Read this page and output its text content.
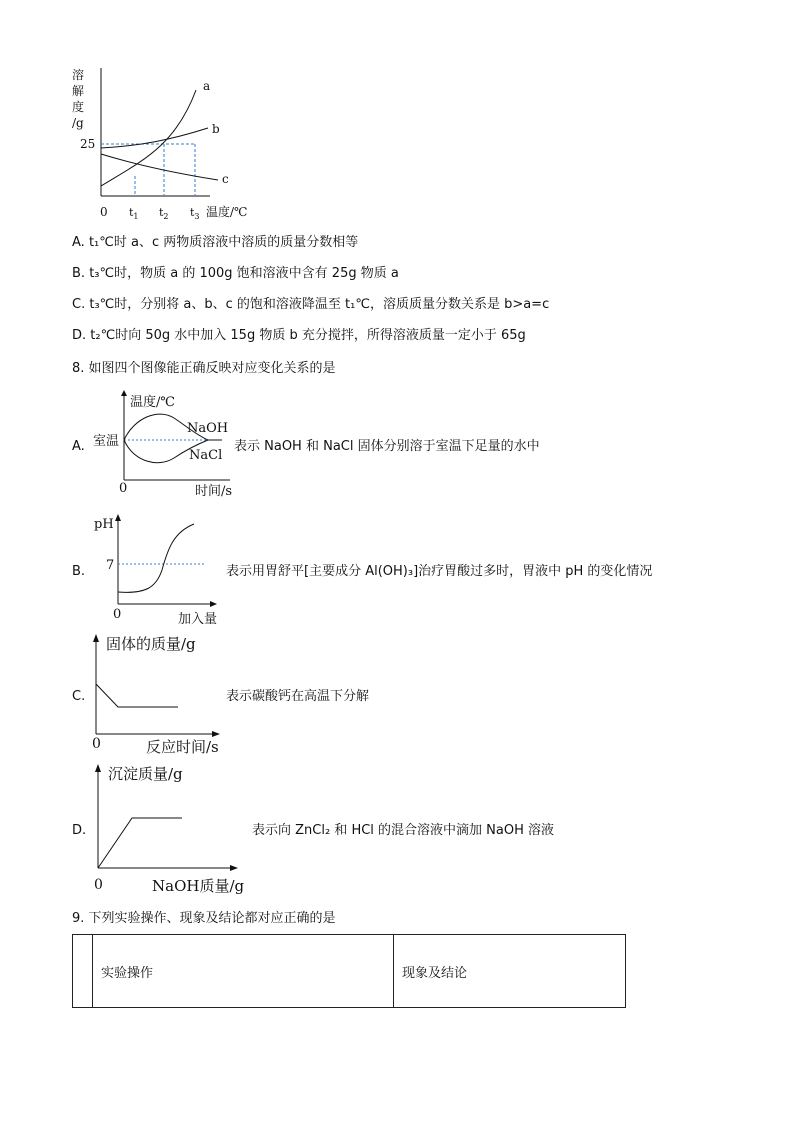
溶
解
度
/g
25
0 $t_1$ $t_2$ $t_3$ 温度/℃
a
b
c
A. t₁℃时 a、c 两物质溶液中溶质的质量分数相等
B. t₃℃时，物质 a 的 100g 饱和溶液中含有 25g 物质 a
C. t₃℃时，分别将 a、b、c 的饱和溶液降温至 t₁℃，溶质质量分数关系是 b>a=c
D. t₂℃时向 50g 水中加入 15g 物质 b 充分搅拌，所得溶液质量一定小于 65g
8. 如图四个图像能正确反映对应变化关系的是
A.
温度/℃
室温
NaOH
NaCl
0	时间/s
表示 NaOH 和 NaCl 固体分别溶于室温下足量的水中
B.
pH
7
0	加入量
表示用胃舒平[主要成分 Al(OH)₃]治疗胃酸过多时，胃液中 pH 的变化情况
C.
固体的质量/g
0	反应时间/s
表示碳酸钙在高温下分解
D.
沉淀质量/g
0	NaOH质量/g
表示向 ZnCl₂ 和 HCl 的混合溶液中滴加 NaOH 溶液
9. 下列实验操作、现象及结论都对应正确的是
	实验操作	现象及结论
